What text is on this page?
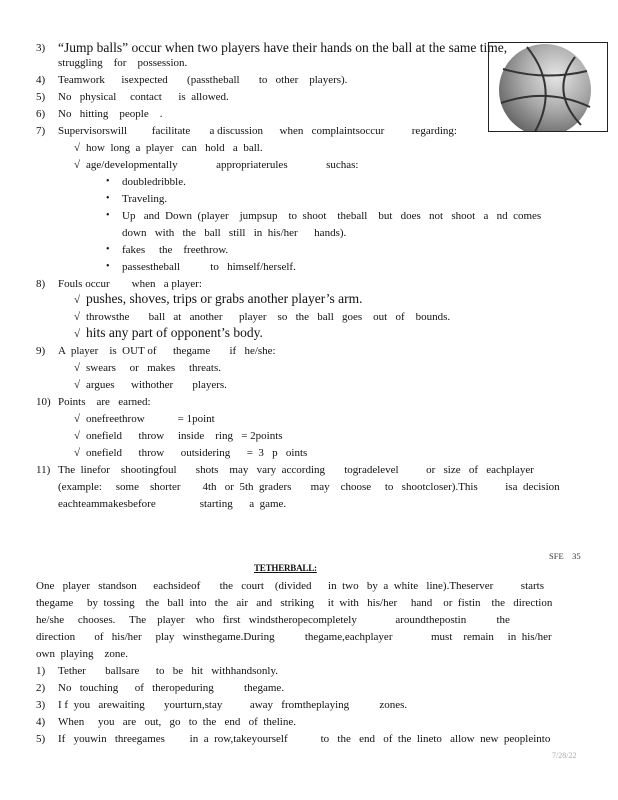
3) “Jump balls” occur when two players have their hands on the ball at the same time,
struggling    for    possession.
4) Teamwork      isexpected       (passtheball       to   other    players).
5) No   physical     contact      is  allowed.
6) No   hitting    people    .
7) Supervisorswill         facilitate       a discussion      when   complaintsoccur          regarding:
√ how  long  a  player   can   hold   a  ball.
√ age/developmentally              appropriaterules              suchas:
• doubledribble.
• Traveling.
• Up   and  Down  (player    jumpsup    to  shoot    theball    but   does   not   shoot   a   nd  comes
down   with   the   ball   still   in  his/her      hands).
• fakes     the    freethrow.
• passestheball           to   himself/herself.
8) Fouls occur        when   a player:
√ pushes, shoves, trips or grabs another player’s arm.
√ throwsthe       ball   at   another      player    so   the   ball   goes    out   of    bounds.
√ hits any part of opponent’s body.
9) A  player    is  OUT of      thegame       if   he/she:
√ swears     or   makes     threats.
√ argues      withother       players.
10) Points    are   earned:
√ onefreethrow            = 1point
√ onefield      throw     inside    ring   = 2points
√ onefield      throw      outsidering      =  3   p   oints
11) The  linefor    shootingfoul       shots    may   vary  according       togradelevel          or   size   of   eachplayer
(example:     some    shorter        4th   or  5th  graders       may    choose     to   shootcloser).This          isa  decision
eachteammakesbefore                starting      a  game.
SFE    35
TETHERBALL:
One   player   standson      eachsideof       the   court    (divided      in  two   by  a  white   line).Theserver          starts
thegame     by  tossing    the   ball  into   the   air   and   striking     it  with   his/her     hand    or  fistin    the   direction
he/she     chooses.     The    player    who   first   windstheropecompletely              aroundthepostin           the
direction       of   his/her     play   winsthegame.During           thegame,eachplayer              must    remain     in  his/her
own  playing    zone.
1) Tether       ballsare      to   be   hit   withhandsonly.
2) No   touching      of   theropeduring           thegame.
3) I f  you   arewaiting       yourturn,stay          away   fromtheplaying           zones.
4) When     you   are   out,   go   to  the   end   of  theline.
5) If   youwin   threegames         in  a  row,takeyourself            to   the   end   of  the  lineto   allow  new  peopleinto
7/28/22
